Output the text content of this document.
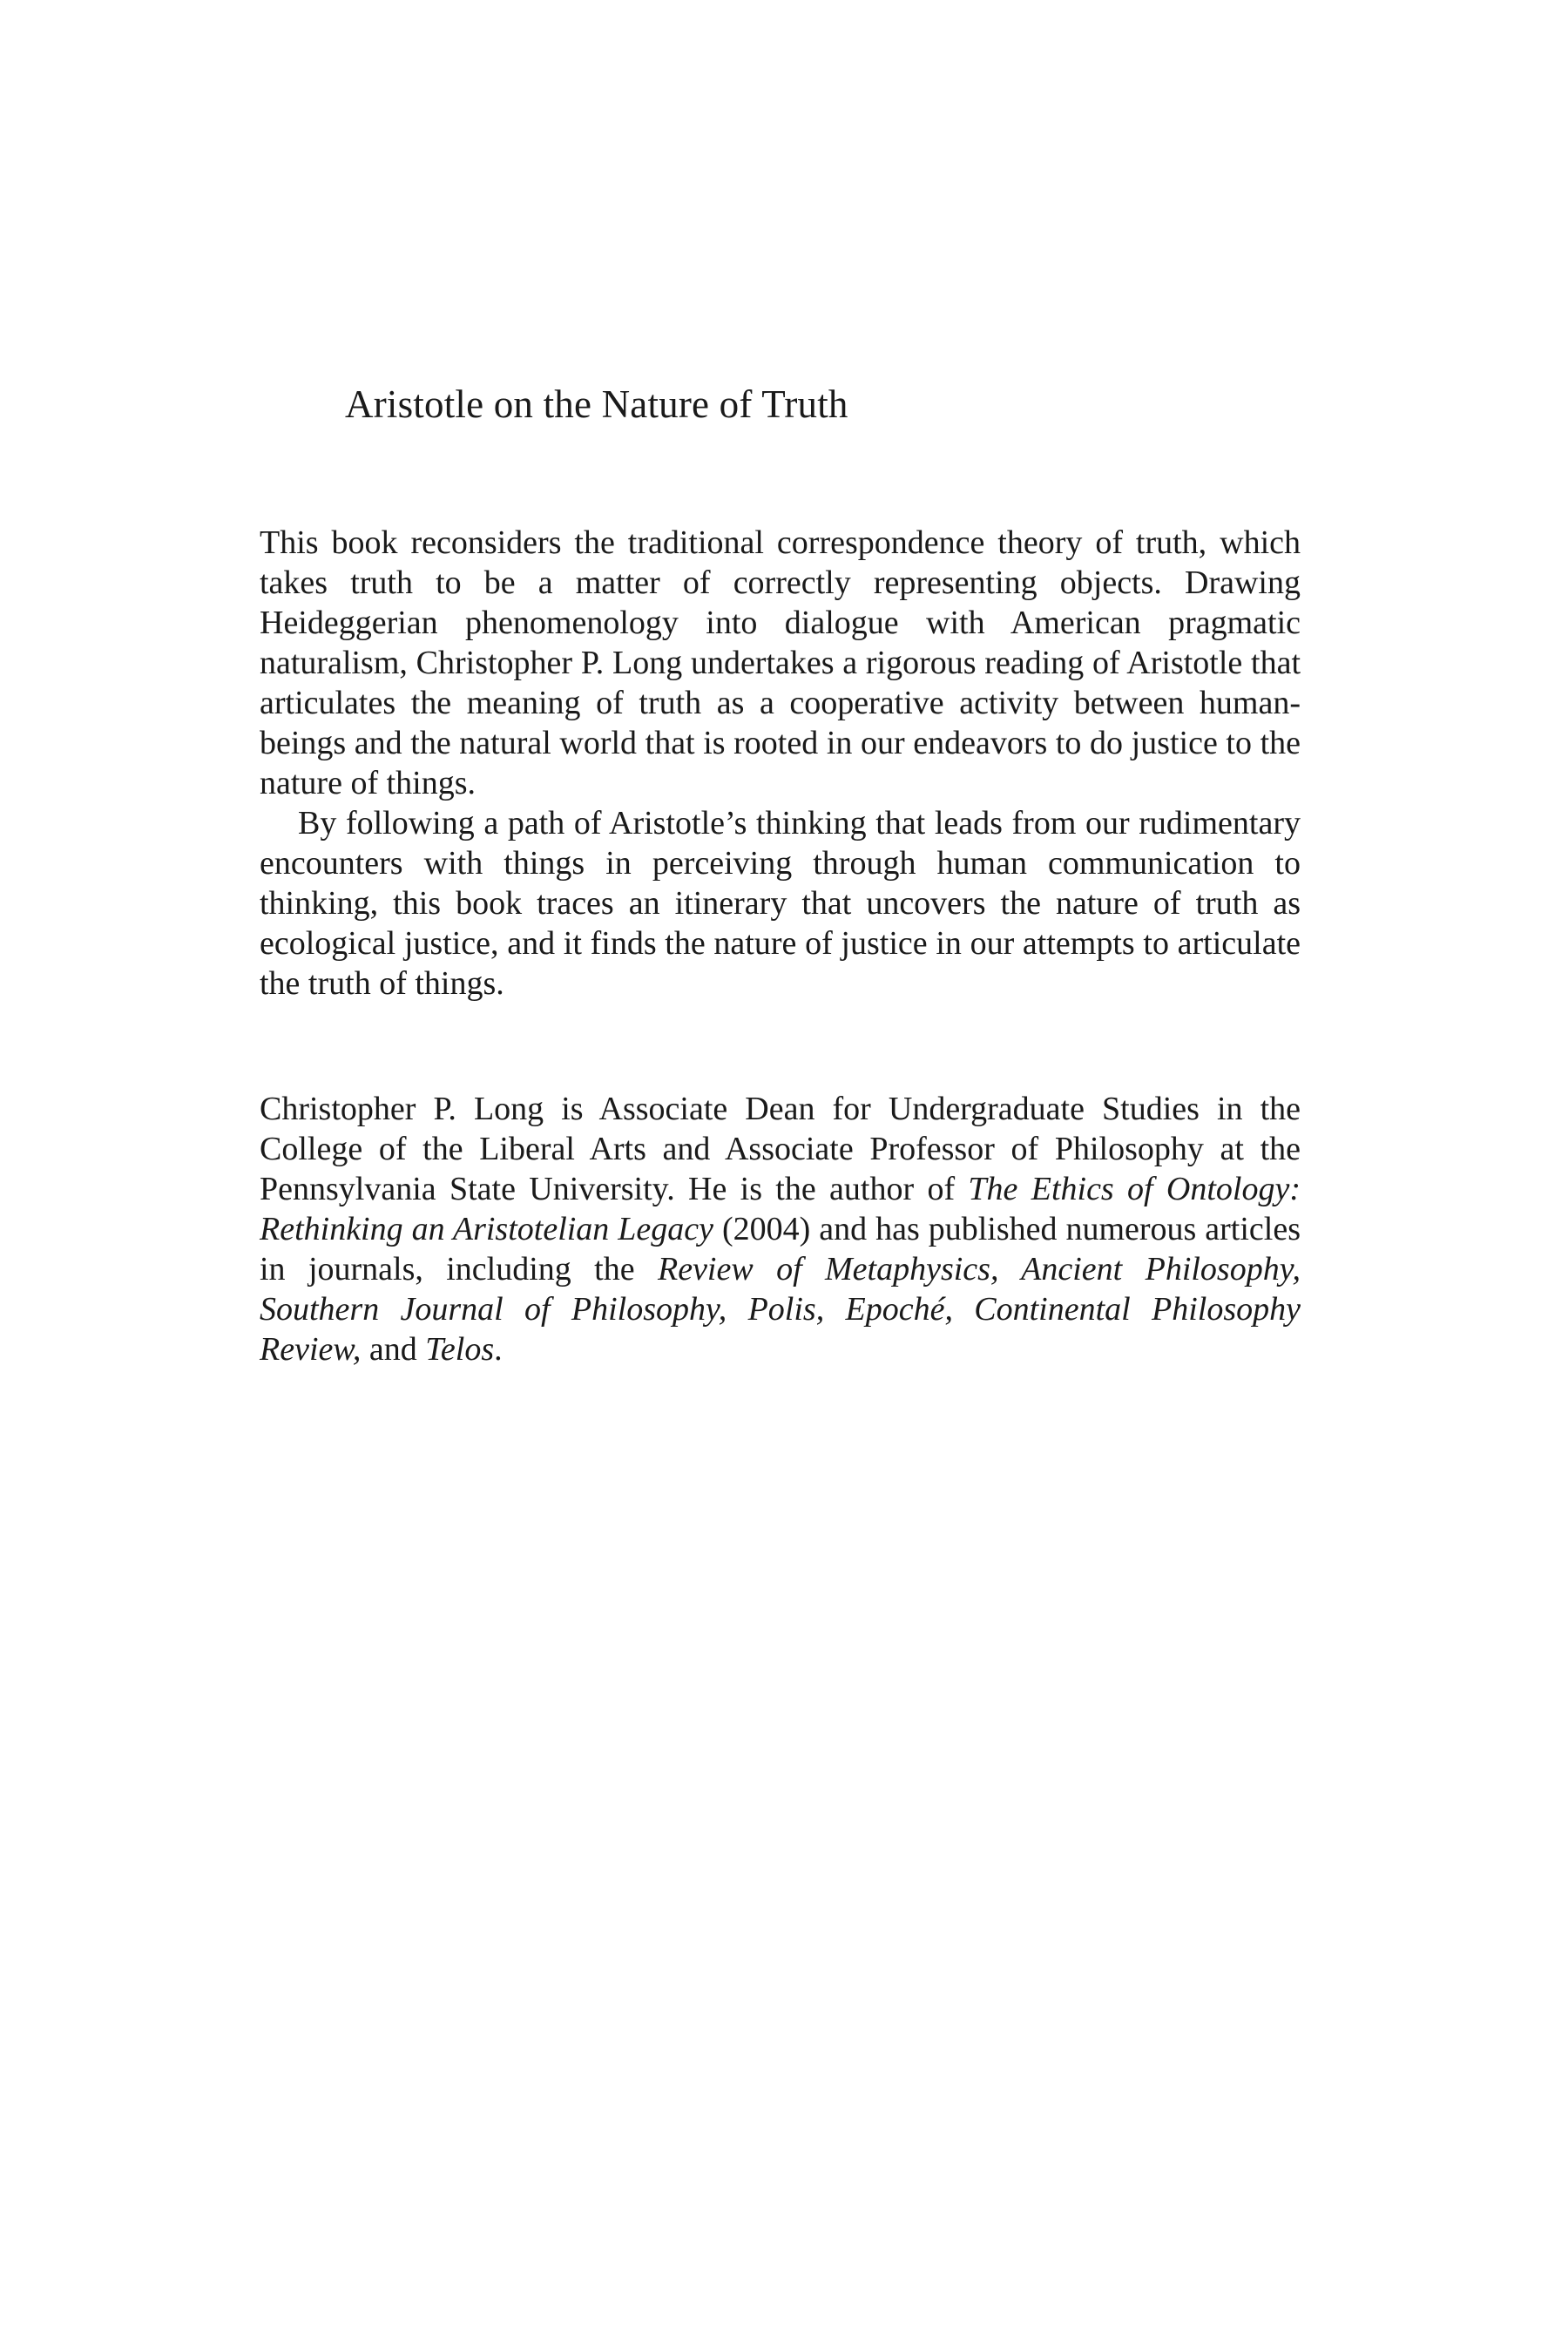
Aristotle on the Nature of Truth

This book reconsiders the traditional correspondence theory of truth, which takes truth to be a matter of correctly representing objects. Drawing Heideggerian phenomenology into dialogue with American pragmatic naturalism, Christopher P. Long undertakes a rigorous reading of Aristotle that articulates the meaning of truth as a cooperative activity between human-beings and the natural world that is rooted in our endeavors to do justice to the nature of things.

By following a path of Aristotle’s thinking that leads from our rudimentary encounters with things in perceiving through human communication to thinking, this book traces an itinerary that uncovers the nature of truth as ecological justice, and it finds the nature of justice in our attempts to articulate the truth of things.

Christopher P. Long is Associate Dean for Undergraduate Studies in the College of the Liberal Arts and Associate Professor of Philosophy at the Pennsylvania State University. He is the author of The Ethics of Ontology: Rethinking an Aristotelian Legacy (2004) and has published numerous articles in journals, including the Review of Metaphysics, Ancient Philosophy, Southern Journal of Philosophy, Polis, Epoché, Continental Philosophy Review, and Telos.
